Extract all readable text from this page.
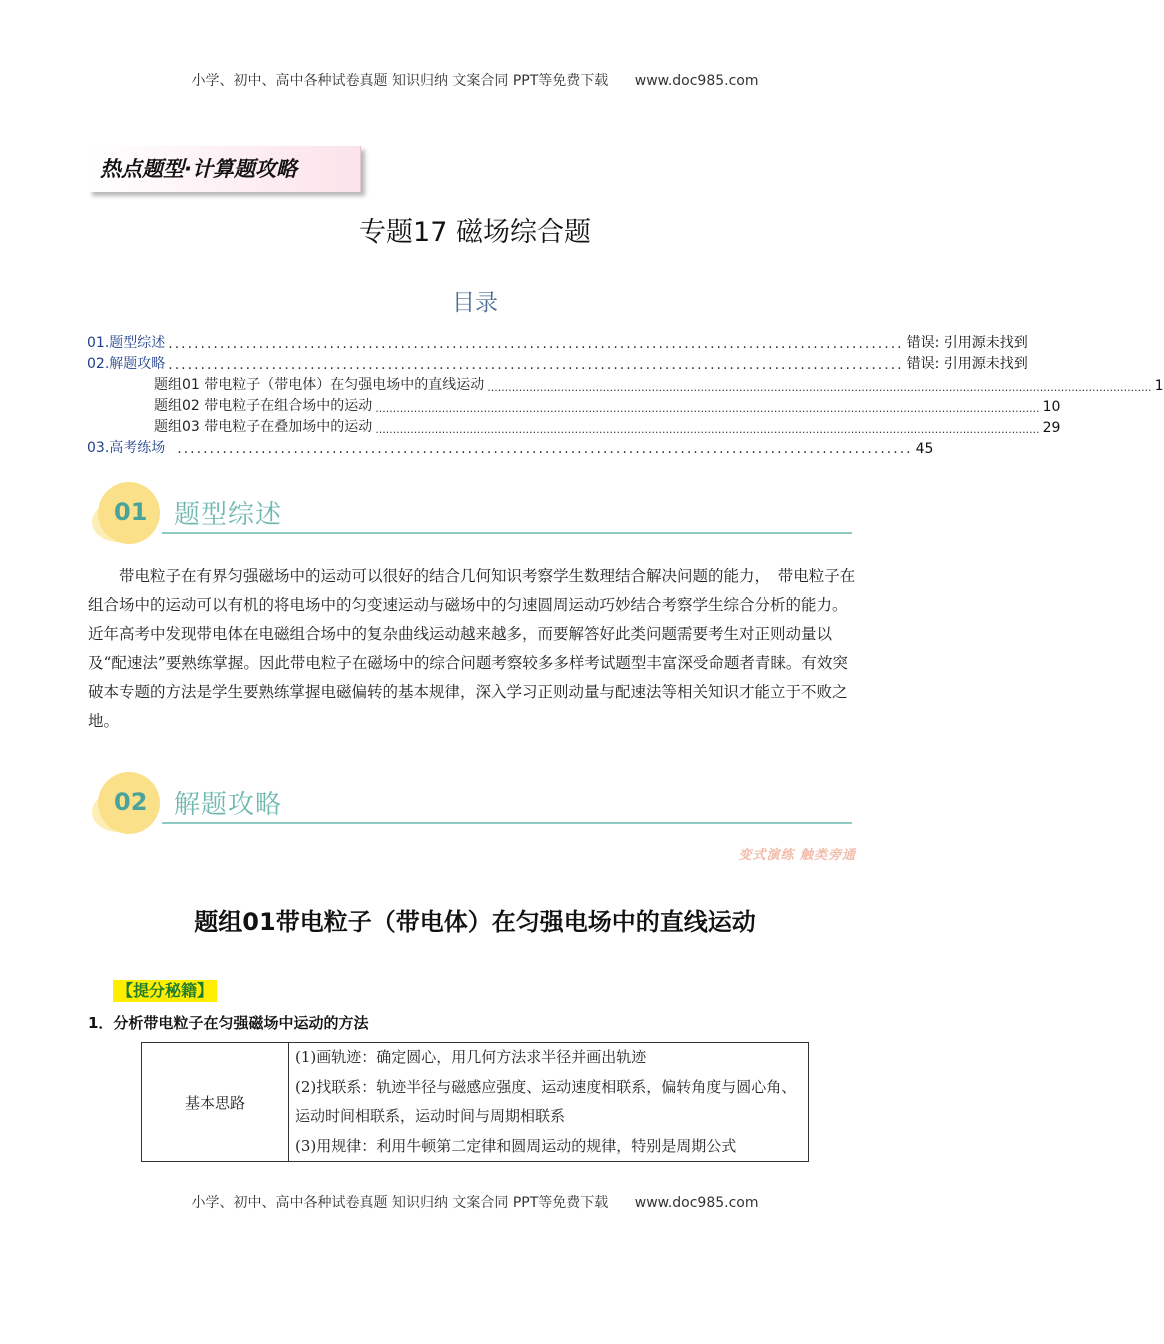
小学、初中、高中各种试卷真题 知识归纳 文案合同 PPT等免费下载 www.doc985.com
热点题型·计算题攻略
专题17 磁场综合题
目录
01.题型综述 .................................................................................................................. 错误: 引用源未找到
02.解题攻略 .................................................................................................................. 错误: 引用源未找到
题组01 带电粒子（带电体）在匀强电场中的直线运动 .............................................................................................................................................................................................. 1
题组02 带电粒子在组合场中的运动 .............................................................................................................................................................................................. 10
题组03 带电粒子在叠加场中的运动 .............................................................................................................................................................................................. 29
03.高考练场 .................................................................................................................. 45
01 题型综述
带电粒子在有界匀强磁场中的运动可以很好的结合几何知识考察学生数理结合解决问题的能力，　带电粒子在组合场中的运动可以有机的将电场中的匀变速运动与磁场中的匀速圆周运动巧妙结合考察学生综合分析的能力。近年高考中发现带电体在电磁组合场中的复杂曲线运动越来越多，而要解答好此类问题需要考生对正则动量以及“配速法”要熟练掌握。因此带电粒子在磁场中的综合问题考察较多多样考试题型丰富深受命题者青睐。有效突破本专题的方法是学生要熟练掌握电磁偏转的基本规律，深入学习正则动量与配速法等相关知识才能立于不败之地。
02 解题攻略
变式演练 触类旁通
题组01带电粒子（带电体）在匀强电场中的直线运动
【提分秘籍】
1．分析带电粒子在匀强磁场中运动的方法
基本思路	
(1)画轨迹：确定圆心，用几何方法求半径并画出轨迹
(2)找联系：轨迹半径与磁感应强度、运动速度相联系，偏转角度与圆心角、运动时间相联系，运动时间与周期相联系
(3)用规律：利用牛顿第二定律和圆周运动的规律，特别是周期公式
小学、初中、高中各种试卷真题 知识归纳 文案合同 PPT等免费下载 www.doc985.com
